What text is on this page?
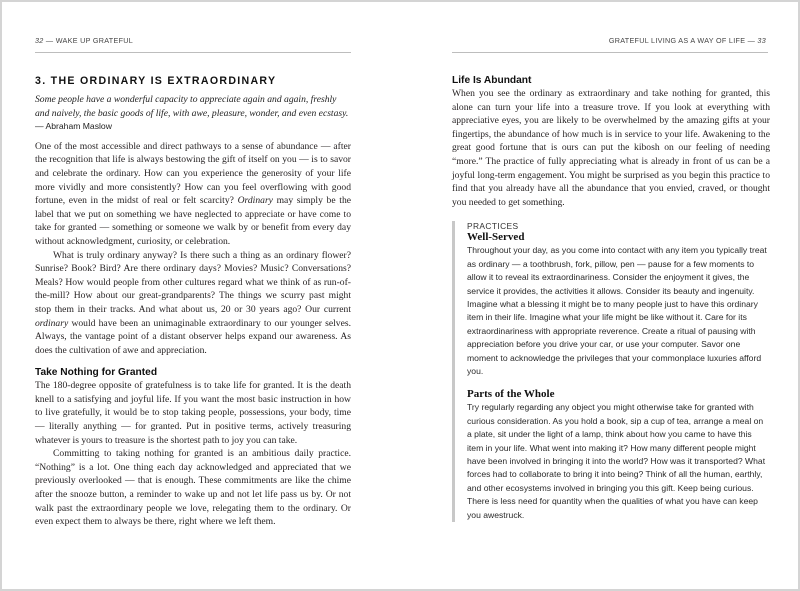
32 — WAKE UP GRATEFUL
3. THE ORDINARY IS EXTRAORDINARY

Some people have a wonderful capacity to appreciate again and again, freshly and naively, the basic goods of life, with awe, pleasure, wonder, and even ecstasy. — Abraham Maslow

One of the most accessible and direct pathways to a sense of abundance — after the recognition that life is always bestowing the gift of itself on you — is to savor and celebrate the ordinary. How can you experience the generosity of your life more vividly and more consistently? How can you feel overflowing with good fortune, even in the midst of real or felt scarcity? Ordinary may simply be the label that we put on something we have neglected to appreciate or have come to take for granted — something or someone we walk by or benefit from every day without acknowledgment, curiosity, or celebration.

What is truly ordinary anyway? Is there such a thing as an ordinary flower? Sunrise? Book? Bird? Are there ordinary days? Movies? Music? Conversations? Meals? How would people from other cultures regard what we think of as run-of-the-mill? How about our great-grandparents? The things we scurry past might stop them in their tracks. And what about us, 20 or 30 years ago? Our current ordinary would have been an unimaginable extraordinary to our younger selves. Always, the vantage point of a distant observer helps expand our awareness. As does the cultivation of awe and appreciation.

Take Nothing for Granted

The 180-degree opposite of gratefulness is to take life for granted. It is the death knell to a satisfying and joyful life. If you want the most basic instruction in how to live gratefully, it would be to stop taking people, possessions, your body, time — literally anything — for granted. Put in positive terms, actively treasuring whatever is yours to treasure is the shortest path to joy you can take.

Committing to taking nothing for granted is an ambitious daily practice. “Nothing” is a lot. One thing each day acknowledged and appreciated that we previously overlooked — that is enough. These commitments are like the chime after the snooze button, a reminder to wake up and not let life pass us by. Or not walk past the extraordinary people we love, relegating them to the ordinary. Or even expect them to always be there, right where we left them.

GRATEFUL LIVING AS A WAY OF LIFE — 33
Life Is Abundant

When you see the ordinary as extraordinary and take nothing for granted, this alone can turn your life into a treasure trove. If you look at everything with appreciative eyes, you are likely to be overwhelmed by the amazing gifts at your fingertips, the abundance of how much is in service to your life. Awakening to the great good fortune that is ours can put the kibosh on our feeling of needing “more.” The practice of fully appreciating what is already in front of us can be a joyful long-term engagement. You might be surprised as you begin this practice to find that you already have all the abundance that you envied, craved, or thought you needed to get something.

PRACTICES

Well-Served

Throughout your day, as you come into contact with any item you typically treat as ordinary — a toothbrush, fork, pillow, pen — pause for a few moments to allow it to reveal its extraordinariness. Consider the enjoyment it gives, the service it provides, the activities it allows. Consider its beauty and ingenuity. Imagine what a blessing it might be to many people just to have this ordinary item in their life. Imagine what your life might be like without it. Care for its extraordinariness with appropriate reverence. Create a ritual of pausing with appreciation before you drive your car, or use your computer. Savor one moment to acknowledge the privileges that your commonplace luxuries afford you.

Parts of the Whole

Try regularly regarding any object you might otherwise take for granted with curious consideration. As you hold a book, sip a cup of tea, arrange a meal on a plate, sit under the light of a lamp, think about how you came to have this item in your life. What went into making it? How many different people might have been involved in bringing it into the world? How was it transported? What forces had to collaborate to bring it into being? Think of all the human, earthly, and other ecosystems involved in bringing you this gift. Keep being curious. There is less need for quantity when the qualities of what you have can keep you awestruck.
